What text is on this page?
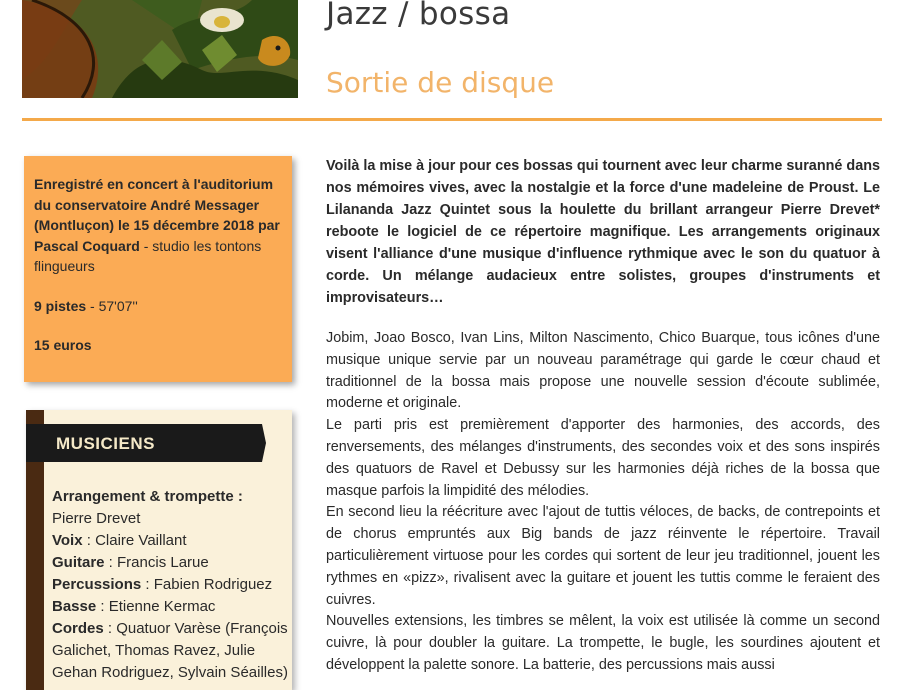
Jazz / bossa
Sortie de disque

Enregistré en concert à l'auditorium du conservatoire André Messager (Montluçon) le 15 décembre 2018 par Pascal Coquard - studio les tontons flingueurs

9 pistes - 57'07''

15 euros

MUSICIENS
Arrangement & trompette :
Pierre Drevet
Voix : Claire Vaillant
Guitare : Francis Larue
Percussions : Fabien Rodriguez
Basse : Etienne Kermac
Cordes : Quatuor Varèse (François Galichet, Thomas Ravez, Julie Gehan Rodriguez, Sylvain Séailles)

Voilà la mise à jour pour ces bossas qui tournent avec leur charme suranné dans nos mémoires vives, avec la nostalgie et la force d'une madeleine de Proust. Le Lilananda Jazz Quintet sous la houlette du brillant arrangeur Pierre Drevet* reboote le logiciel de ce répertoire magnifique. Les arrangements originaux visent l'alliance d'une musique d'influence rythmique avec le son du quatuor à corde. Un mélange audacieux entre solistes, groupes d'instruments et improvisateurs…

Jobim, Joao Bosco, Ivan Lins, Milton Nascimento, Chico Buarque, tous icônes d'une musique unique servie par un nouveau paramétrage qui garde le cœur chaud et traditionnel de la bossa mais propose une nouvelle session d'écoute sublimée, moderne et originale.

Le parti pris est premièrement d'apporter des harmonies, des accords, des renversements, des mélanges d'instruments, des secondes voix et des sons inspirés des quatuors de Ravel et Debussy sur les harmonies déjà riches de la bossa que masque parfois la limpidité des mélodies.

En second lieu la réécriture avec l'ajout de tuttis véloces, de backs, de contrepoints et de chorus empruntés aux Big bands de jazz réinvente le répertoire. Travail particulièrement virtuose pour les cordes qui sortent de leur jeu traditionnel, jouent les rythmes en «pizz», rivalisent avec la guitare et jouent les tuttis comme le feraient des cuivres.

Nouvelles extensions, les timbres se mêlent, la voix est utilisée là comme un second cuivre, là pour doubler la guitare. La trompette, le bugle, les sourdines ajoutent et développent la palette sonore. La batterie, des percussions mais aussi
